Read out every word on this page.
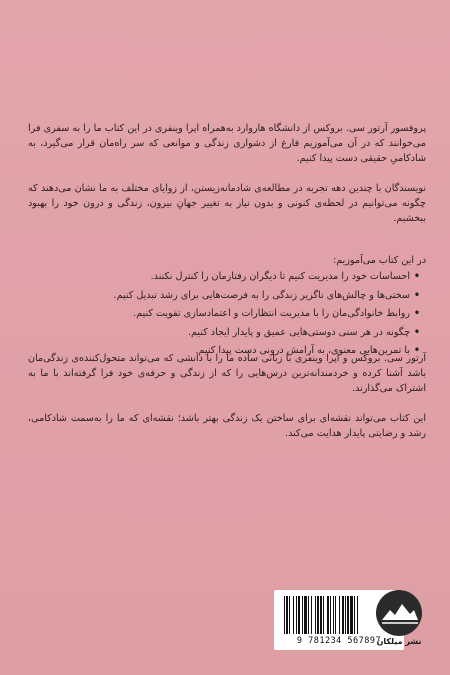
پروفسور آرتور سی. بروکس از دانشگاه هاروارد به‌همراه اپرا وینفری در این کتاب ما را به سفری فرا می‌خوانند که در آن می‌آموزیم فارغ از دشواری زندگی و موانعی که سر راه‌مان قرار می‌گیرد، به شادکامیِ حقیقی دست پیدا کنیم.

نویسندگان با چندین دهه تجربه در مطالعه‌ی شادمانه‌زیستن، از زوایای مختلف به ما نشان می‌دهند که چگونه می‌توانیم در لحظه‌ی کنونی و بدون نیاز به تغییر جهانِ بیرون، زندگی و درون خود را بهبود ببخشیم.

در این کتاب می‌آموزیم:
•
احساسات خود را مدیریت کنیم تا دیگران رفتارمان را کنترل نکنند.
•
سختی‌ها و چالش‌های ناگزیر زندگی را به فرصت‌هایی برای رشد تبدیل کنیم.
•
روابط خانوادگی‌مان را با مدیریت انتظارات و اعتمادسازی تقویت کنیم.
•
چگونه در هر سنی دوستی‌هایی عمیق و پایدار ایجاد کنیم.
•
با تمرین‌هایی معنوی، به آرامش درونی دست پیدا کنیم.

آرتور سی. بروکس و اپرا وینفری با زبانی ساده ما را با دانشی که می‌تواند متحول‌کننده‌ی زندگی‌مان باشد آشنا کرده و خردمندانه‌ترین درس‌هایی را که از زندگی و حرفه‌ی خود فرا گرفته‌اند با ما به اشتراک می‌گذارند.

این کتاب می‌تواند نقشه‌ای برای ساختن یک زندگی بهتر باشد؛ نقشه‌ای که ما را به‌سمت شادکامی، رشد و رضایتی پایدار هدایت می‌کند.

9 781234 567897
نشر میلکان
